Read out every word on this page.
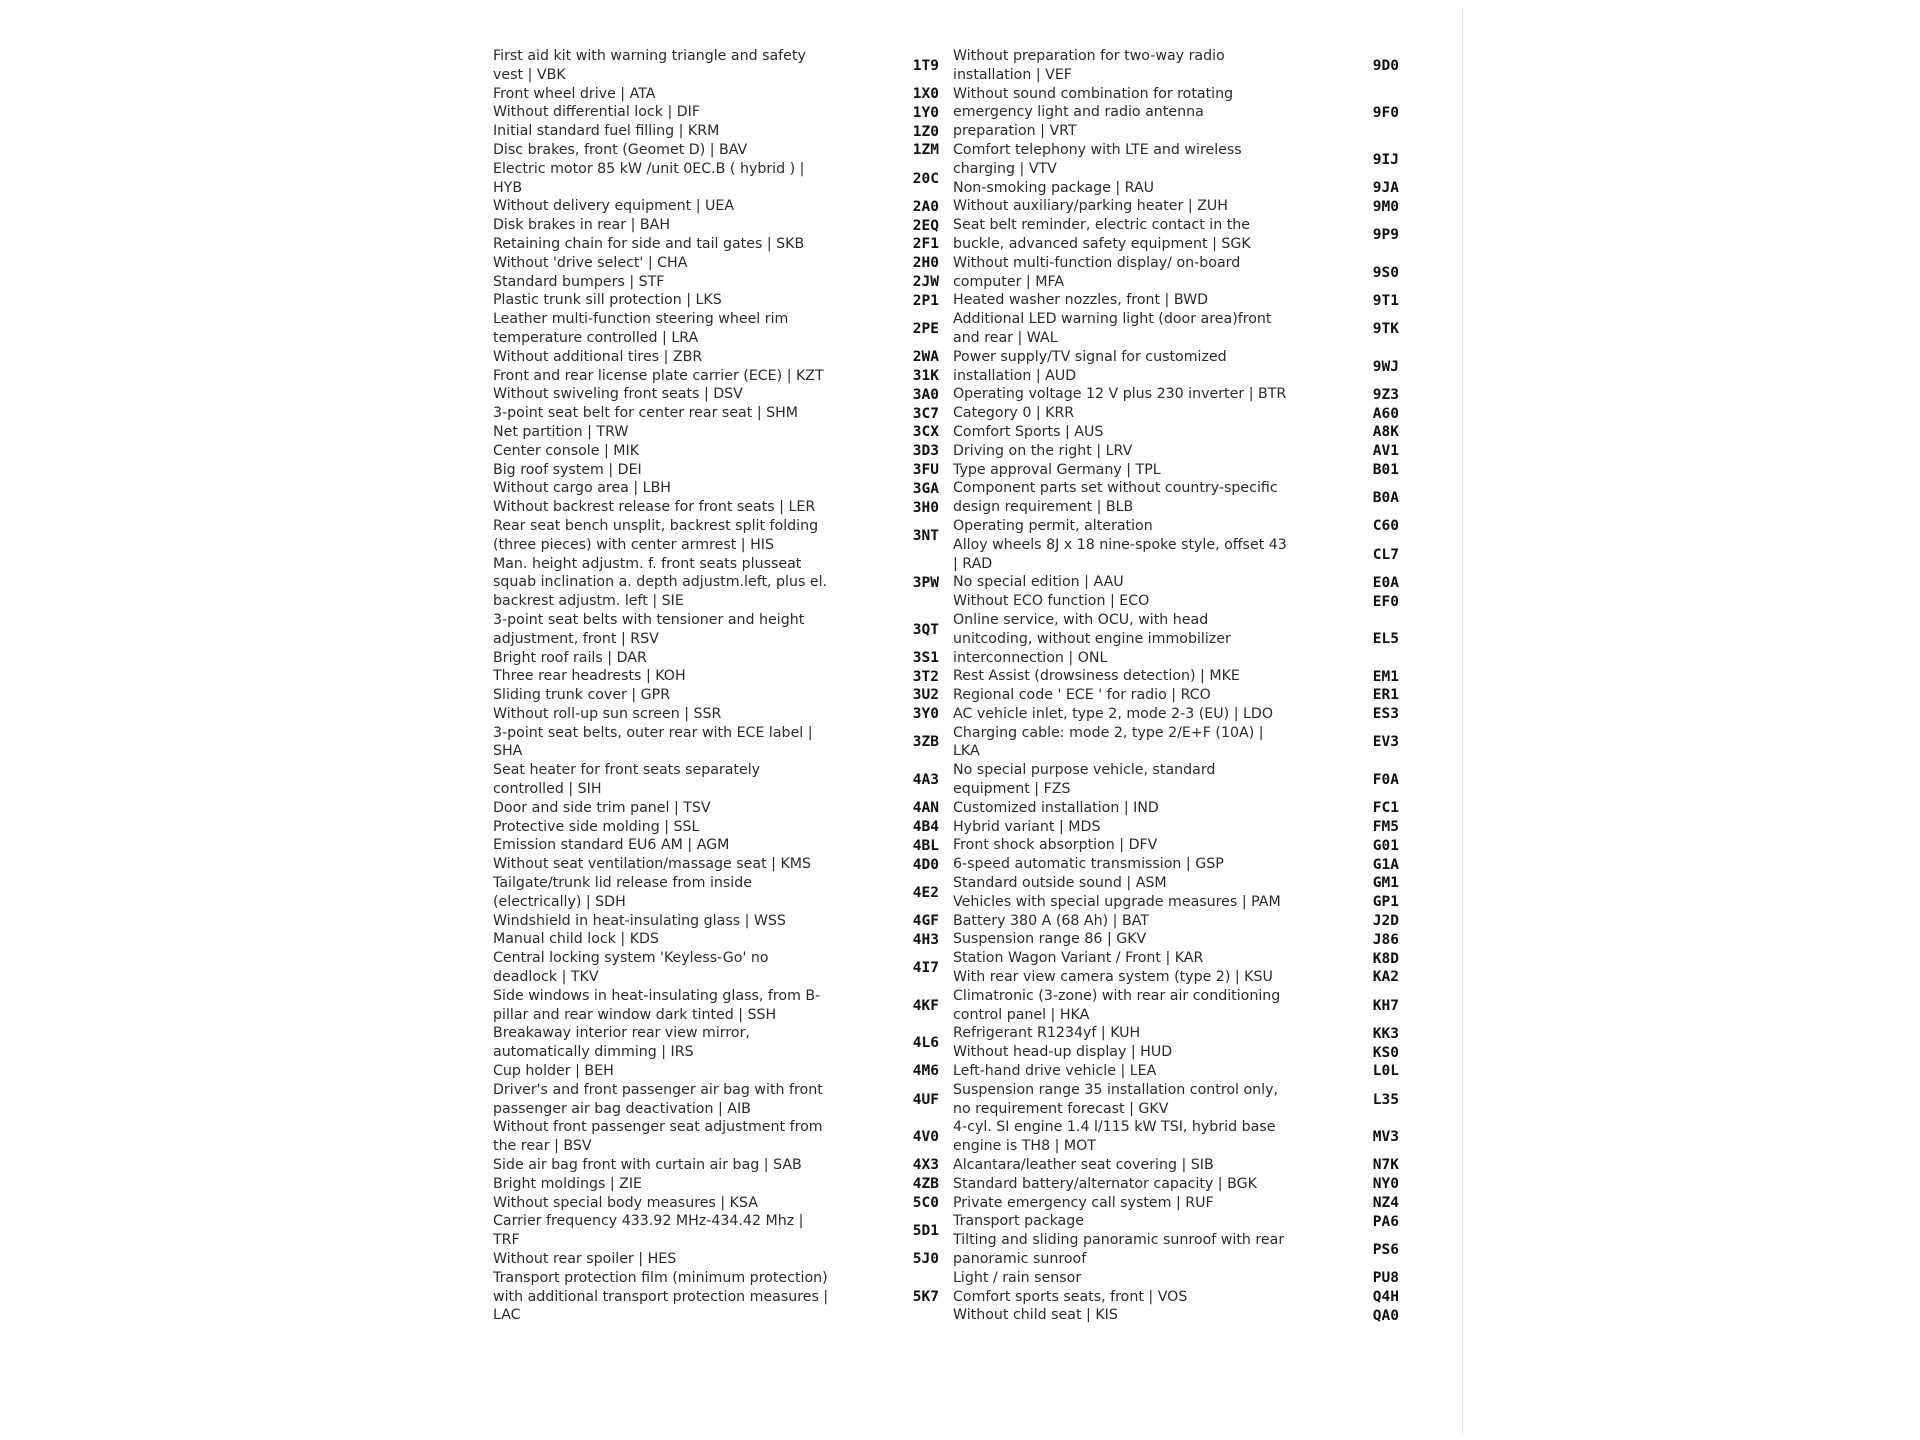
First aid kit with warning triangle and safety vest | VBK
1T9
Front wheel drive | ATA	1X0
Without differential lock | DIF	1Y0
Initial standard fuel filling | KRM	1Z0
Disc brakes, front (Geomet D) | BAV	1ZM
Electric motor 85 kW /unit 0EC.B ( hybrid ) | HYB
20C
Without delivery equipment | UEA	2A0
Disk brakes in rear | BAH	2EQ
Retaining chain for side and tail gates | SKB	2F1
Without 'drive select' | CHA	2H0
Standard bumpers | STF	2JW
Plastic trunk sill protection | LKS	2P1
Leather multi-function steering wheel rim temperature controlled | LRA
2PE
Without additional tires | ZBR	2WA
Front and rear license plate carrier (ECE) | KZT	31K
Without swiveling front seats | DSV	3A0
3-point seat belt for center rear seat | SHM	3C7
Net partition | TRW	3CX
Center console | MIK	3D3
Big roof system | DEI	3FU
Without cargo area | LBH	3GA
Without backrest release for front seats | LER	3H0
Rear seat bench unsplit, backrest split folding (three pieces) with center armrest | HIS
3NT
Man. height adjustm. f. front seats plusseat squab inclination a. depth adjustm.left, plus el. backrest adjustm. left | SIE
3PW
3-point seat belts with tensioner and height adjustment, front | RSV
3QT
Bright roof rails | DAR	3S1
Three rear headrests | KOH	3T2
Sliding trunk cover | GPR	3U2
Without roll-up sun screen | SSR	3Y0
3-point seat belts, outer rear with ECE label | SHA
3ZB
Seat heater for front seats separately controlled | SIH
4A3
Door and side trim panel | TSV	4AN
Protective side molding | SSL	4B4
Emission standard EU6 AM | AGM	4BL
Without seat ventilation/massage seat | KMS	4D0
Tailgate/trunk lid release from inside (electrically) | SDH
4E2
Windshield in heat-insulating glass | WSS	4GF
Manual child lock | KDS	4H3
Central locking system 'Keyless-Go' no deadlock | TKV
4I7
Side windows in heat-insulating glass, from B-pillar and rear window dark tinted | SSH
4KF
Breakaway interior rear view mirror, automatically dimming | IRS
4L6
Cup holder | BEH	4M6
Driver's and front passenger air bag with front passenger air bag deactivation | AIB
4UF
Without front passenger seat adjustment from the rear | BSV
4V0
Side air bag front with curtain air bag | SAB	4X3
Bright moldings | ZIE	4ZB
Without special body measures | KSA	5C0
Carrier frequency 433.92 MHz-434.42 Mhz | TRF
5D1
Without rear spoiler | HES	5J0
Transport protection film (minimum protection) with additional transport protection measures | LAC
5K7
Without preparation for two-way radio installation | VEF
9D0
Without sound combination for rotating emergency light and radio antenna preparation | VRT
9F0
Comfort telephony with LTE and wireless charging | VTV
9IJ
Non-smoking package | RAU	9JA
Without auxiliary/parking heater | ZUH	9M0
Seat belt reminder, electric contact in the buckle, advanced safety equipment | SGK
9P9
Without multi-function display/ on-board computer | MFA
9S0
Heated washer nozzles, front | BWD	9T1
Additional LED warning light (door area)front and rear | WAL
9TK
Power supply/TV signal for customized installation | AUD
9WJ
Operating voltage 12 V plus 230 inverter | BTR	9Z3
Category 0 | KRR	A60
Comfort Sports | AUS	A8K
Driving on the right | LRV	AV1
Type approval Germany | TPL	B01
Component parts set without country-specific design requirement | BLB
B0A
Operating permit, alteration	C60
Alloy wheels 8J x 18 nine-spoke style, offset 43 | RAD
CL7
No special edition | AAU	E0A
Without ECO function | ECO	EF0
Online service, with OCU, with head unitcoding, without engine immobilizer interconnection | ONL
EL5
Rest Assist (drowsiness detection) | MKE	EM1
Regional code ' ECE ' for radio | RCO	ER1
AC vehicle inlet, type 2, mode 2-3 (EU) | LDO	ES3
Charging cable: mode 2, type 2/E+F (10A) | LKA
EV3
No special purpose vehicle, standard equipment | FZS
F0A
Customized installation | IND	FC1
Hybrid variant | MDS	FM5
Front shock absorption | DFV	G01
6-speed automatic transmission | GSP	G1A
Standard outside sound | ASM	GM1
Vehicles with special upgrade measures | PAM	GP1
Battery 380 A (68 Ah) | BAT	J2D
Suspension range 86 | GKV	J86
Station Wagon Variant / Front | KAR	K8D
With rear view camera system (type 2) | KSU	KA2
Climatronic (3-zone) with rear air conditioning control panel | HKA
KH7
Refrigerant R1234yf | KUH	KK3
Without head-up display | HUD	KS0
Left-hand drive vehicle | LEA	L0L
Suspension range 35 installation control only, no requirement forecast | GKV
L35
4-cyl. SI engine 1.4 l/115 kW TSI, hybrid base engine is TH8 | MOT
MV3
Alcantara/leather seat covering | SIB	N7K
Standard battery/alternator capacity | BGK	NY0
Private emergency call system | RUF	NZ4
Transport package	PA6
Tilting and sliding panoramic sunroof with rear panoramic sunroof
PS6
Light / rain sensor	PU8
Comfort sports seats, front | VOS	Q4H
Without child seat | KIS	QA0
